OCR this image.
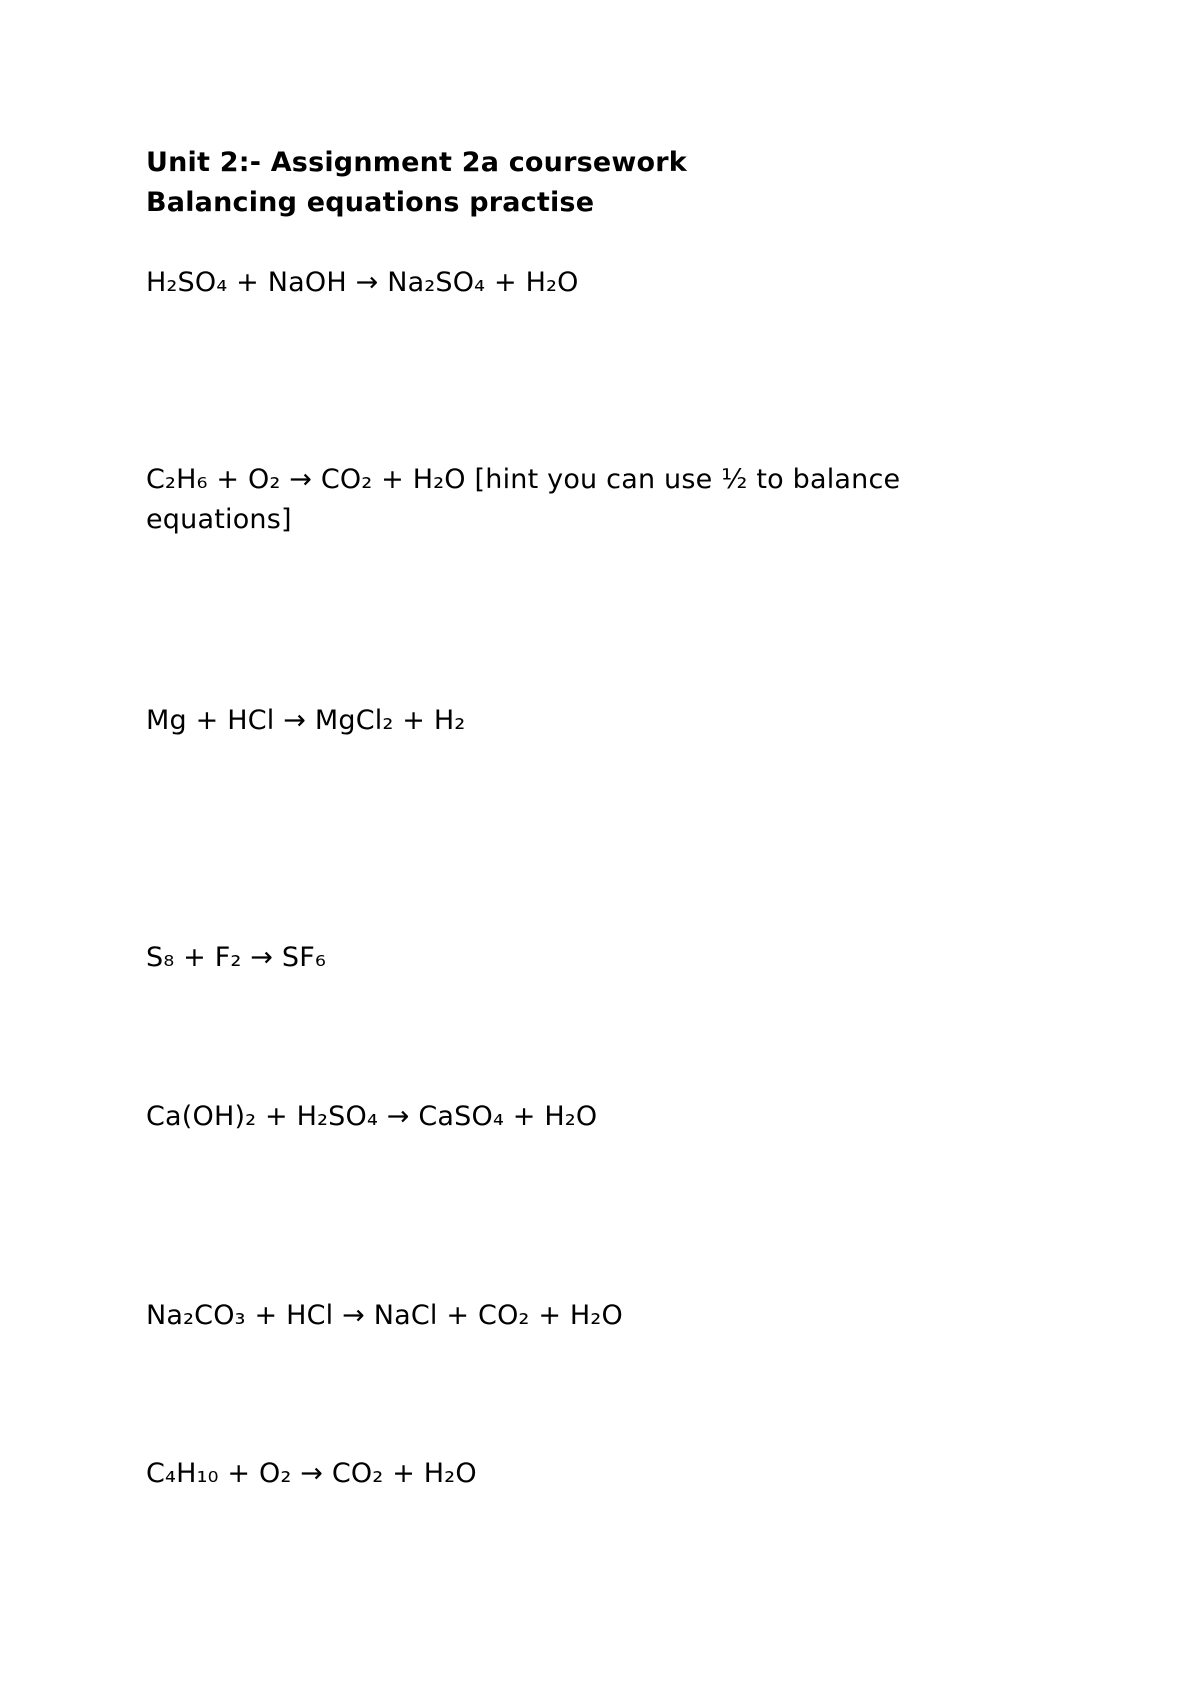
Unit 2:- Assignment 2a coursework
Balancing equations practise
H₂SO₄ + NaOH → Na₂SO₄ + H₂O
C₂H₆ + O₂ → CO₂ + H₂O [hint you can use ½ to balance
equations]
Mg + HCl → MgCl₂ + H₂
S₈ + F₂ → SF₆
Ca(OH)₂ + H₂SO₄ → CaSO₄ + H₂O
Na₂CO₃ + HCl → NaCl + CO₂ + H₂O
C₄H₁₀ + O₂ → CO₂ + H₂O
